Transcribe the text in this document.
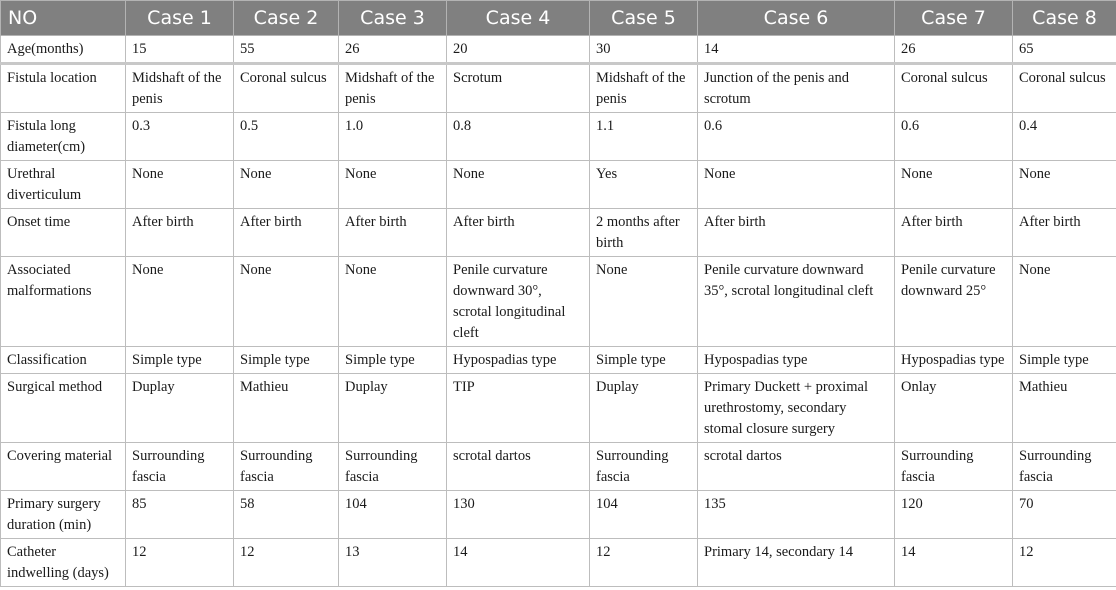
NO	Case 1	Case 2	Case 3	Case 4	Case 5	Case 6	Case 7	Case 8
Age(months)	15	55	26	20	30	14	26	65
Fistula location	Midshaft of the penis	Coronal sulcus	Midshaft of the penis	Scrotum	Midshaft of the penis	Junction of the penis and scrotum	Coronal sulcus	Coronal sulcus
Fistula long diameter(cm)	0.3	0.5	1.0	0.8	1.1	0.6	0.6	0.4
Urethral diverticulum	None	None	None	None	Yes	None	None	None
Onset time	After birth	After birth	After birth	After birth	2 months after birth	After birth	After birth	After birth
Associated malformations	None	None	None	Penile curvature downward 30°, scrotal longitudinal cleft	None	Penile curvature downward 35°, scrotal longitudinal cleft	Penile curvature downward 25°	None
Classification	Simple type	Simple type	Simple type	Hypospadias type	Simple type	Hypospadias type	Hypospadias type	Simple type
Surgical method	Duplay	Mathieu	Duplay	TIP	Duplay	Primary Duckett + proximal urethrostomy, secondary stomal closure surgery	Onlay	Mathieu
Covering material	Surrounding fascia	Surrounding fascia	Surrounding fascia	scrotal dartos	Surrounding fascia	scrotal dartos	Surrounding fascia	Surrounding fascia
Primary surgery duration (min)	85	58	104	130	104	135	120	70
Catheter indwelling (days)	12	12	13	14	12	Primary 14, secondary 14	14	12
